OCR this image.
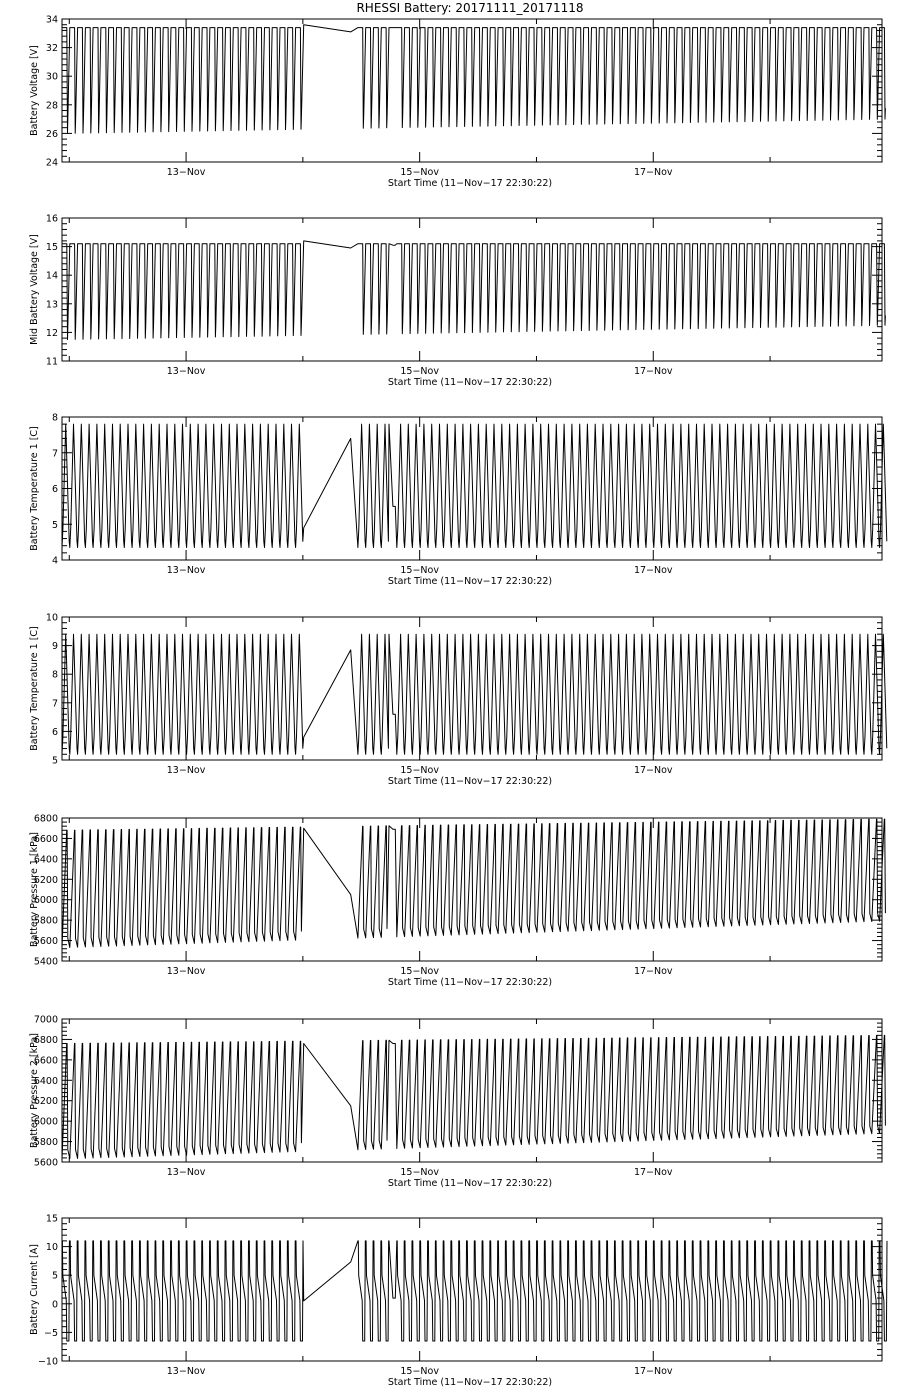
RHESSI Battery: 20171111_20171118
24
26
28
30
32
34
13−Nov	15−Nov	17−Nov
Start Time (11−Nov−17 22:30:22)
Battery Voltage [V]
11
12
13
14
15
16
13−Nov	15−Nov	17−Nov
Start Time (11−Nov−17 22:30:22)
Mid Battery Voltage [V]
4
5
6
7
8
13−Nov	15−Nov	17−Nov
Start Time (11−Nov−17 22:30:22)
Battery Temperature 1 [C]
5
6
7
8
9
10
13−Nov	15−Nov	17−Nov
Start Time (11−Nov−17 22:30:22)
Battery Temperature 1 [C]
5400
5600
5800
6000
6200
6400
6600
6800
13−Nov	15−Nov	17−Nov
Start Time (11−Nov−17 22:30:22)
Battery Pressure 1 [kPa]
5600
5800
6000
6200
6400
6600
6800
7000
13−Nov	15−Nov	17−Nov
Start Time (11−Nov−17 22:30:22)
Battery Pressure 2 [kPa]
−10
−5
0
5
10
15
13−Nov	15−Nov	17−Nov
Start Time (11−Nov−17 22:30:22)
Battery Current [A]
